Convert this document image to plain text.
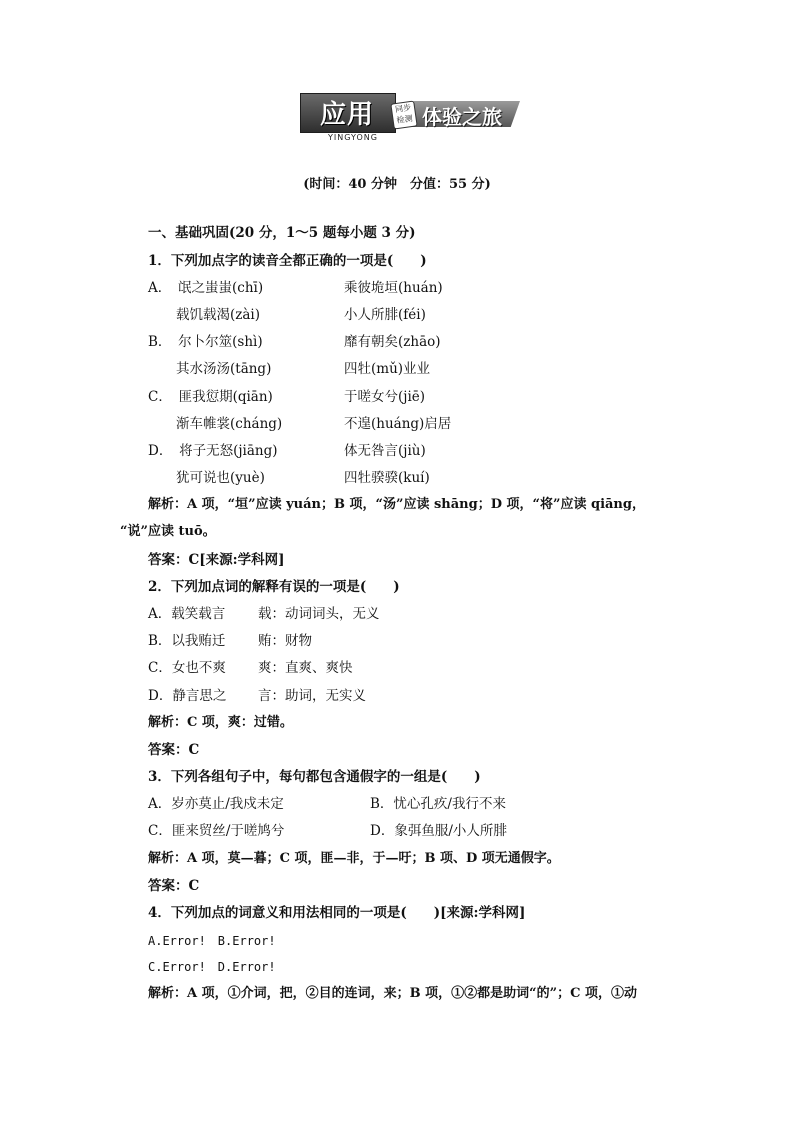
应用
YINGYONG
同步检测 体验之旅
(时间：40 分钟　分值：55 分)
一、基础巩固(20 分，1～5 题每小题 3 分)
1．下列加点字的读音全都正确的一项是(　　)
A．　氓之蚩蚩(chī)	乘彼垝垣(huán)
载饥载渴(zài)	小人所腓(féi)
B．　尔卜尔筮(shì)	靡有朝矣(zhāo)
其水汤汤(tāng)	四牡(mǔ)业业
C．　匪我愆期(qiān)	于嗟女兮(jiē)
渐车帷裳(cháng)	不遑(huáng)启居
D．　将子无怒(jiāng)	体无咎言(jiù)
犹可说也(yuè)	四牡骙骙(kuí)
解析：A 项，“垣”应读 yuán；B 项，“汤”应读 shāng；D 项，“将”应读 qiāng，
“说”应读 tuō。
答案：C[来源:学科网]
2．下列加点词的解释有误的一项是(　　)
A．载笑载言 载：动词词头，无义
B．以我贿迁 贿：财物
C．女也不爽 爽：直爽、爽快
D．静言思之 言：助词，无实义
解析：C 项，爽：过错。
答案：C
3．下列各组句子中，每句都包含通假字的一组是(　　)
A．岁亦莫止/我戍未定	B．忧心孔疚/我行不来
C．匪来贸丝/于嗟鸠兮	D．象弭鱼服/小人所腓
解析：A 项，莫—暮；C 项，匪—非，于—吁；B 项、D 项无通假字。
答案：C
4．下列加点的词意义和用法相同的一项是(　　)[来源:学科网]
A.Error!　B.Error!
C.Error!　D.Error!
解析：A 项，①介词，把，②目的连词，来；B 项，①②都是助词“的”；C 项，①动
